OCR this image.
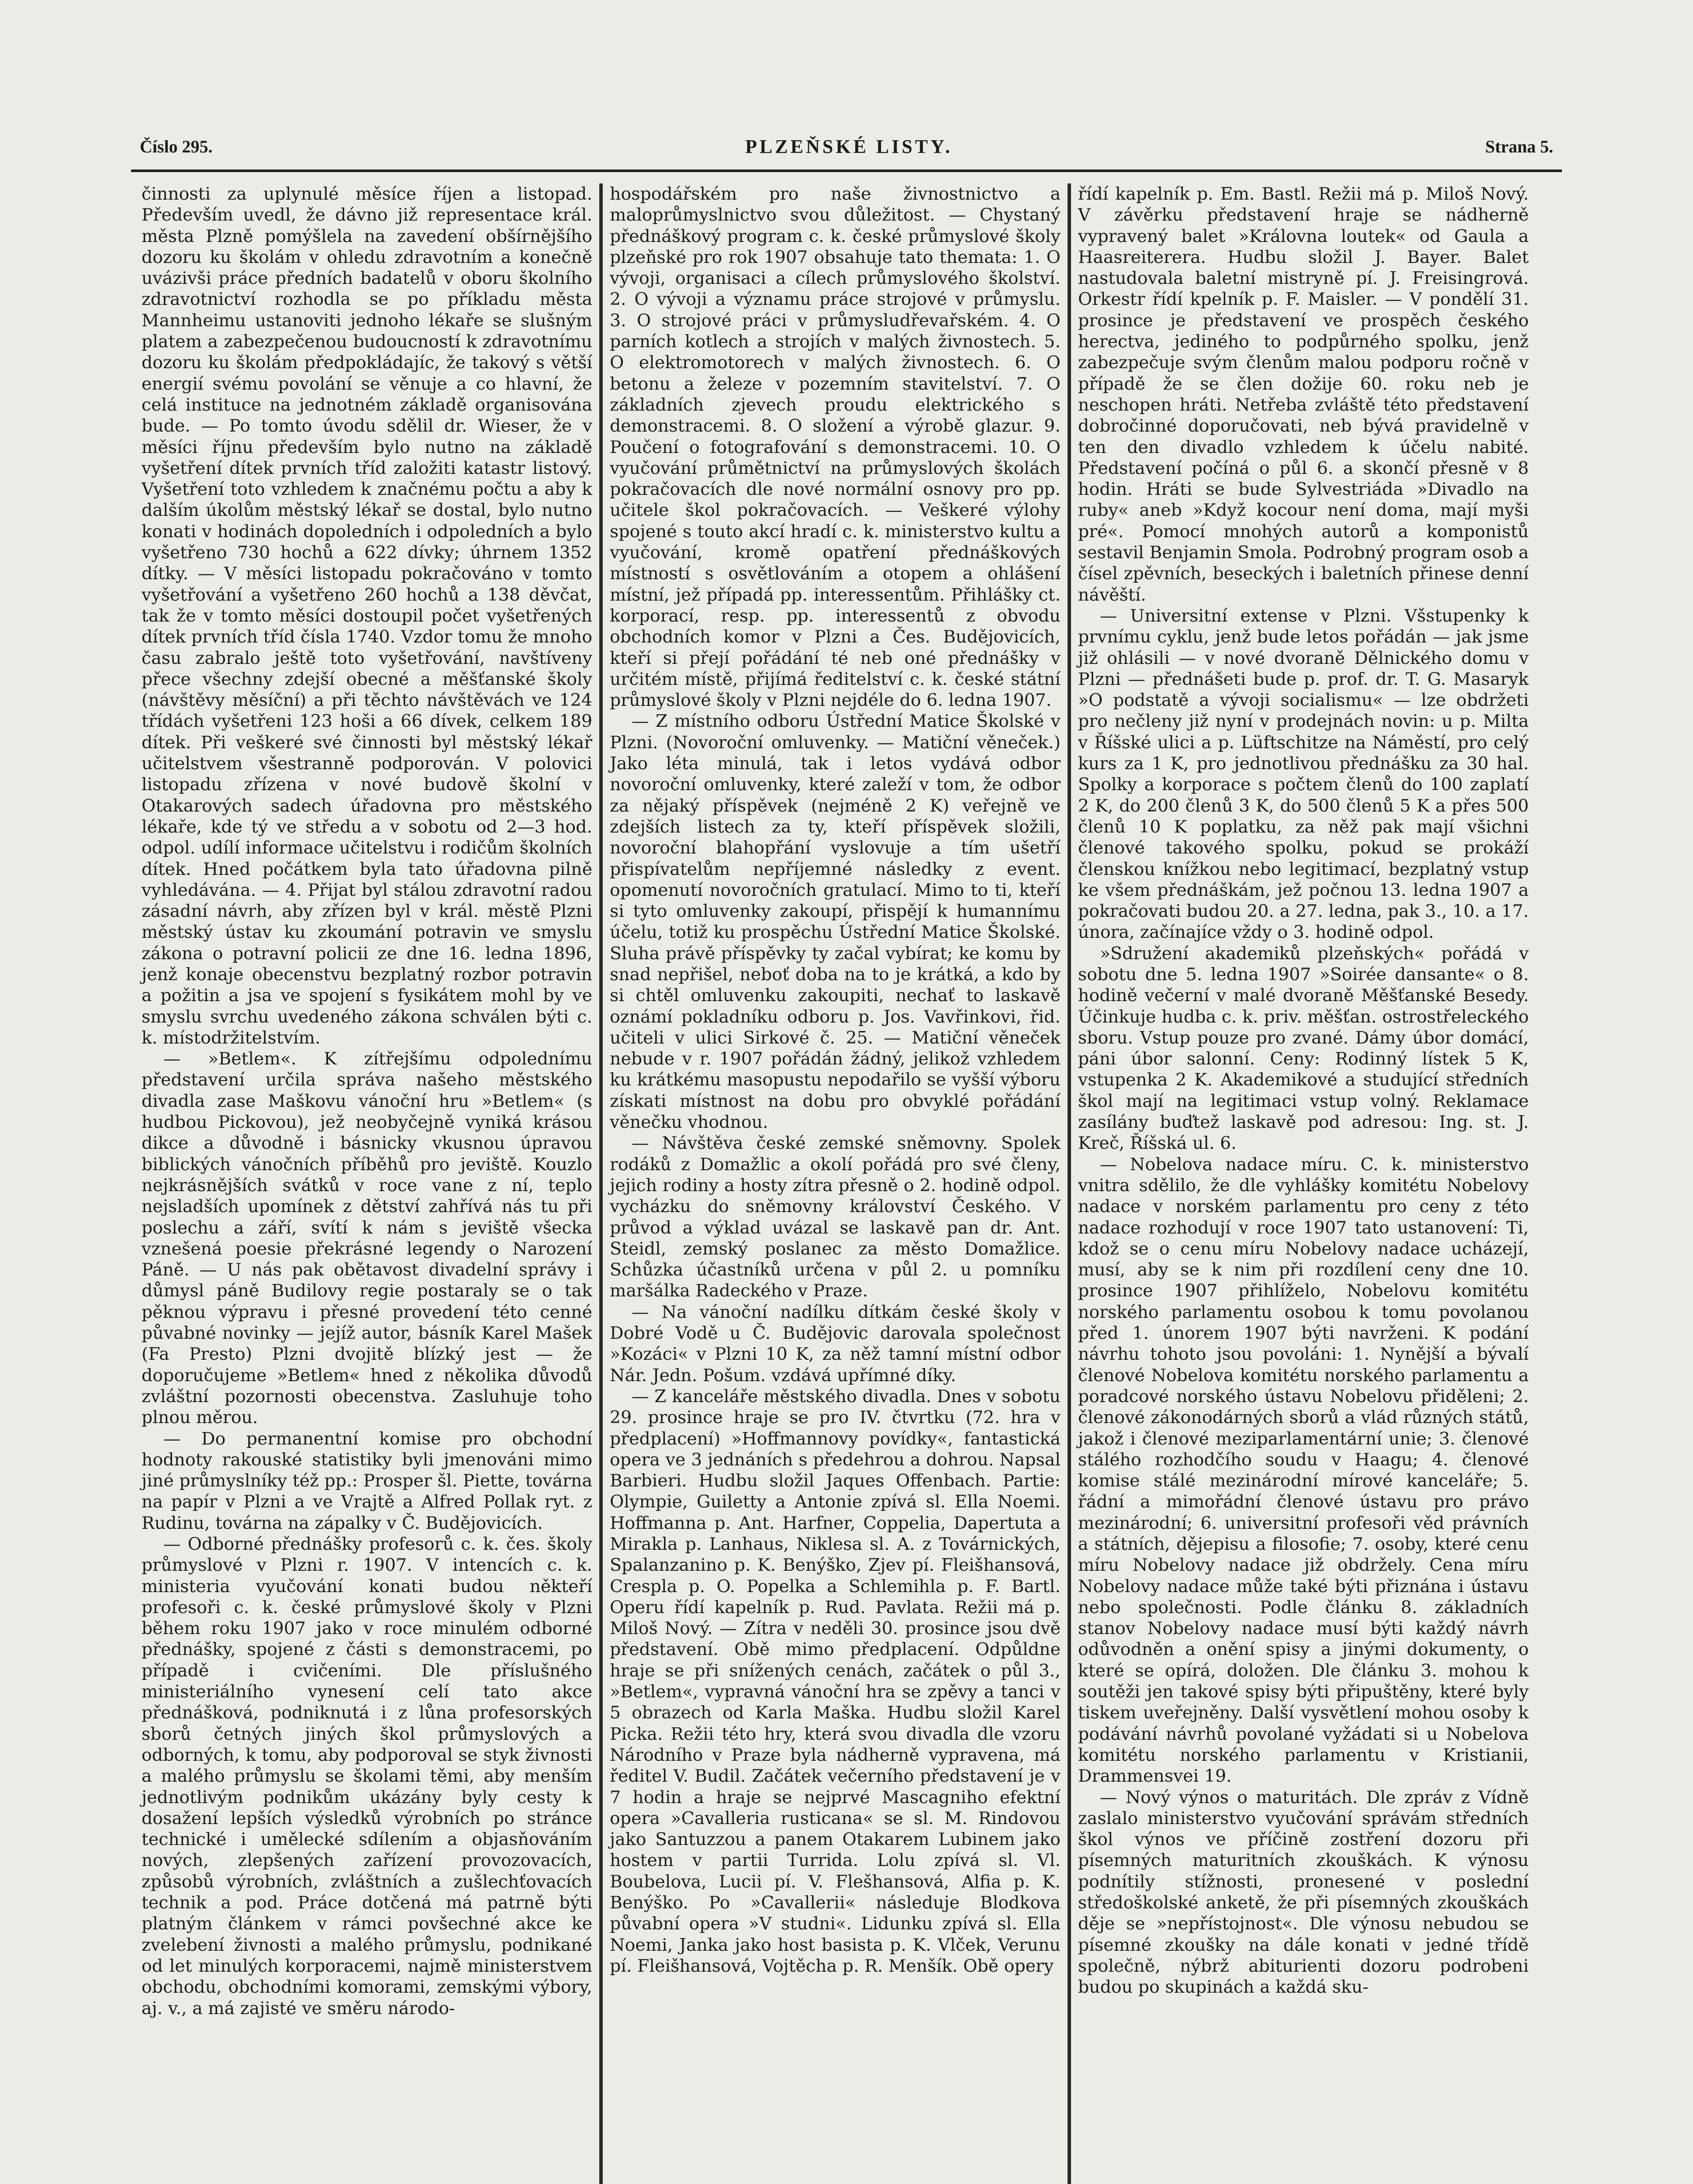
Číslo 295.	PLZEŇSKÉ LISTY.	Strana 5.

činnosti za uplynulé měsíce říjen a listopad. Především uvedl, že dávno již representace král. města Plzně pomýšlela na zavedení obšírnějšího dozoru ku školám v ohledu zdravotním a konečně uvázivši práce předních badatelů v oboru školního zdravotnictví rozhodla se po příkladu města Mannheimu ustanoviti jednoho lékaře se slušným platem a zabezpečenou budoucností k zdravotnímu dozoru ku školám předpokládajíc, že takový s větší energií svému povolání se věnuje a co hlavní, že celá instituce na jednotném základě organisována bude. — Po tomto úvodu sdělil dr. Wieser, že v měsíci říjnu především bylo nutno na základě vyšetření dítek prvních tříd založiti katastr listový. Vyšetření toto vzhledem k značnému počtu a aby k dalším úkolům městský lékař se dostal, bylo nutno konati v hodinách dopoledních i odpoledních a bylo vyšetřeno 730 hochů a 622 dívky; úhrnem 1352 dítky. — V měsíci listopadu pokračováno v tomto vyšetřování a vyšetřeno 260 hochů a 138 děvčat, tak že v tomto měsíci dostoupil počet vyšetřených dítek prvních tříd čísla 1740. Vzdor tomu že mnoho času zabralo ještě toto vyšetřování, navštíveny přece všechny zdejší obecné a měšťanské školy (návštěvy měsíční) a při těchto návštěvách ve 124 třídách vyšetřeni 123 hoši a 66 dívek, celkem 189 dítek. Při veškeré své činnosti byl městský lékař učitelstvem všestranně podporován. V polovici listopadu zřízena v nové budově školní v Otakarových sadech úřadovna pro městského lékaře, kde tý ve středu a v sobotu od 2—3 hod. odpol. udílí informace učitelstvu i rodičům školních dítek. Hned počátkem byla tato úřadovna pilně vyhledávána. — 4. Přijat byl stálou zdravotní radou zásadní návrh, aby zřízen byl v král. městě Plzni městský ústav ku zkoumání potravin ve smyslu zákona o potravní policii ze dne 16. ledna 1896, jenž konaje obecenstvu bezplatný rozbor potravin a požitin a jsa ve spojení s fysikátem mohl by ve smyslu svrchu uvedeného zákona schválen býti c. k. místodržitelstvím.

— »Betlem«. K zítřejšímu odpolednímu představení určila správa našeho městského divadla zase Maškovu vánoční hru »Betlem« (s hudbou Pickovou), jež neobyčejně vyniká krásou dikce a důvodně i básnicky vkusnou úpravou biblických vánočních příběhů pro jeviště. Kouzlo nejkrásnějších svátků v roce vane z ní, teplo nejsladších upomínek z dětství zahřívá nás tu při poslechu a září, svítí k nám s jeviště všecka vznešená poesie překrásné legendy o Narození Páně. — U nás pak obětavost divadelní správy i důmysl páně Budilovy regie postaraly se o tak pěknou výpravu i přesné provedení této cenné půvabné novinky — jejíž autor, básník Karel Mašek (Fa Presto) Plzni dvojitě blízký jest — že doporučujeme »Betlem« hned z několika důvodů zvláštní pozornosti obecenstva. Zasluhuje toho plnou měrou.

— Do permanentní komise pro obchodní hodnoty rakouské statistiky byli jmenováni mimo jiné průmyslníky též pp.: Prosper šl. Piette, továrna na papír v Plzni a ve Vrajtě a Alfred Pollak ryt. z Rudinu, továrna na zápalky v Č. Budějovicích.

— Odborné přednášky profesorů c. k. čes. školy průmyslové v Plzni r. 1907. V intencích c. k. ministeria vyučování konati budou někteří profesoři c. k. české průmyslové školy v Plzni během roku 1907 jako v roce minulém odborné přednášky, spojené z části s demonstracemi, po případě i cvičeními. Dle příslušného ministeriálního vynesení celí tato akce přednášková, podniknutá i z lůna profesorských sborů četných jiných škol průmyslových a odborných, k tomu, aby podporoval se styk živnosti a malého průmyslu se školami těmi, aby menším jednotlivým podnikům ukázány byly cesty k dosažení lepších výsledků výrobních po stránce technické i umělecké sdílením a objasňováním nových, zlepšených zařízení provozovacích, způsobů výrobních, zvláštních a zušlechťovacích technik a pod. Práce dotčená má patrně býti platným článkem v rámci povšechné akce ke zvelebení živnosti a malého průmyslu, podnikané od let minulých korporacemi, najmě ministerstvem obchodu, obchodními komorami, zemskými výbory, aj. v., a má zajisté ve směru národo-

hospodářském pro naše živnostnictvo a maloprůmyslnictvo svou důležitost. — Chystaný přednáškový program c. k. české průmyslové školy plzeňské pro rok 1907 obsahuje tato themata: 1. O vývoji, organisaci a cílech průmyslového školství. 2. O vývoji a významu práce strojové v průmyslu. 3. O strojové práci v průmysludřevařském. 4. O parních kotlech a strojích v malých živnostech. 5. O elektromotorech v malých živnostech. 6. O betonu a železe v pozemním stavitelství. 7. O základních zjevech proudu elektrického s demonstracemi. 8. O složení a výrobě glazur. 9. Poučení o fotografování s demonstracemi. 10. O vyučování průmětnictví na průmyslových školách pokračovacích dle nové normální osnovy pro pp. učitele škol pokračovacích. — Veškeré výlohy spojené s touto akcí hradí c. k. ministerstvo kultu a vyučování, kromě opatření přednáškových místností s osvětlováním a otopem a ohlášení místní, jež případá pp. interessentům. Přihlášky ct. korporací, resp. pp. interessentů z obvodu obchodních komor v Plzni a Čes. Budějovicích, kteří si přejí pořádání té neb oné přednášky v určitém místě, přijímá ředitelství c. k. české státní průmyslové školy v Plzni nejdéle do 6. ledna 1907.

— Z místního odboru Ústřední Matice Školské v Plzni. (Novoroční omluvenky. — Matiční věneček.) Jako léta minulá, tak i letos vydává odbor novoroční omluvenky, které zaleží v tom, že odbor za nějaký příspěvek (nejméně 2 K) veřejně ve zdejších listech za ty, kteří příspěvek složili, novoroční blahopřání vyslovuje a tím ušetří přispívatelům nepříjemné následky z event. opomenutí novoročních gratulací. Mimo to ti, kteří si tyto omluvenky zakoupí, přispějí k humannímu účelu, totiž ku prospěchu Ústřední Matice Školské. Sluha právě příspěvky ty začal vybírat; ke komu by snad nepřišel, neboť doba na to je krátká, a kdo by si chtěl omluvenku zakoupiti, nechať to laskavě oznámí pokladníku odboru p. Jos. Vavřinkovi, řid. učiteli v ulici Sirkové č. 25. — Matiční věneček nebude v r. 1907 pořádán žádný, jelikož vzhledem ku krátkému masopustu nepodařilo se vyšší výboru získati místnost na dobu pro obvyklé pořádání věnečku vhodnou.

— Návštěva české zemské sněmovny. Spolek rodáků z Domažlic a okolí pořádá pro své členy, jejich rodiny a hosty zítra přesně o 2. hodině odpol. vycházku do sněmovny království Českého. V průvod a výklad uvázal se laskavě pan dr. Ant. Steidl, zemský poslanec za město Domažlice. Schůzka účastníků určena v půl 2. u pomníku maršálka Radeckého v Praze.

— Na vánoční nadílku dítkám české školy v Dobré Vodě u Č. Budějovic darovala společnost »Kozáci« v Plzni 10 K, za něž tamní místní odbor Nár. Jedn. Pošum. vzdává upřímné díky.

— Z kanceláře městského divadla. Dnes v sobotu 29. prosince hraje se pro IV. čtvrtku (72. hra v předplacení) »Hoffmannovy povídky«, fantastická opera ve 3 jednáních s předehrou a dohrou. Napsal Barbieri. Hudbu složil Jaques Offenbach. Partie: Olympie, Guiletty a Antonie zpívá sl. Ella Noemi. Hoffmanna p. Ant. Harfner, Coppelia, Dapertuta a Mirakla p. Lanhaus, Niklesa sl. A. z Továrnických, Spalanzanino p. K. Benýško, Zjev pí. Fleišhansová, Crespla p. O. Popelka a Schlemihla p. F. Bartl. Operu řídí kapelník p. Rud. Pavlata. Režii má p. Miloš Nový. — Zítra v neděli 30. prosince jsou dvě představení. Obě mimo předplacení. Odpůldne hraje se při snížených cenách, začátek o půl 3., »Betlem«, vypravná vánoční hra se zpěvy a tanci v 5 obrazech od Karla Maška. Hudbu složil Karel Picka. Režii této hry, která svou divadla dle vzoru Národního v Praze byla nádherně vypravena, má ředitel V. Budil. Začátek večerního představení je v 7 hodin a hraje se nejprvé Mascagniho efektní opera »Cavalleria rusticana« se sl. M. Rindovou jako Santuzzou a panem Otakarem Lubinem jako hostem v partii Turrida. Lolu zpívá sl. Vl. Boubelova, Lucii pí. V. Flešhansová, Alfia p. K. Benýško. Po »Cavallerii« následuje Blodkova půvabní opera »V studni«. Lidunku zpívá sl. Ella Noemi, Janka jako host basista p. K. Vlček, Verunu pí. Fleišhansová, Vojtěcha p. R. Menšík. Obě opery

řídí kapelník p. Em. Bastl. Režii má p. Miloš Nový. V závěrku představení hraje se nádherně vypravený balet »Královna loutek« od Gaula a Haasreiterera. Hudbu složil J. Bayer. Balet nastudovala baletní mistryně pí. J. Freisingrová. Orkestr řídí kpelník p. F. Maisler. — V pondělí 31. prosince je představení ve prospěch českého herectva, jediného to podpůrného spolku, jenž zabezpečuje svým členům malou podporu ročně v případě že se člen dožije 60. roku neb je neschopen hráti. Netřeba zvláště této představení dobročinné doporučovati, neb bývá pravidelně v ten den divadlo vzhledem k účelu nabité. Představení počíná o půl 6. a skončí přesně v 8 hodin. Hráti se bude Sylvestriáda »Divadlo na ruby« aneb »Když kocour není doma, mají myši pré«. Pomocí mnohých autorů a komponistů sestavil Benjamin Smola. Podrobný program osob a čísel zpěvních, beseckých i baletních přinese denní návěští.

— Universitní extense v Plzni. Všstupenky k prvnímu cyklu, jenž bude letos pořádán — jak jsme již ohlásili — v nové dvoraně Dělnického domu v Plzni — přednášeti bude p. prof. dr. T. G. Masaryk »O podstatě a vývoji socialismu« — lze obdržeti pro nečleny již nyní v prodejnách novin: u p. Milta v Říšské ulici a p. Lüftschitze na Náměstí, pro celý kurs za 1 K, pro jednotlivou přednášku za 30 hal. Spolky a korporace s počtem členů do 100 zaplatí 2 K, do 200 členů 3 K, do 500 členů 5 K a přes 500 členů 10 K poplatku, za něž pak mají všichni členové takového spolku, pokud se prokáží členskou knížkou nebo legitimací, bezplatný vstup ke všem přednáškám, jež počnou 13. ledna 1907 a pokračovati budou 20. a 27. ledna, pak 3., 10. a 17. února, začínajíce vždy o 3. hodině odpol.

»Sdružení akademiků plzeňských« pořádá v sobotu dne 5. ledna 1907 »Soirée dansante« o 8. hodině večerní v malé dvoraně Měšťanské Besedy. Účinkuje hudba c. k. priv. měšťan. ostrostřeleckého sboru. Vstup pouze pro zvané. Dámy úbor domácí, páni úbor salonní. Ceny: Rodinný lístek 5 K, vstupenka 2 K. Akademikové a studující středních škol mají na legitimaci vstup volný. Reklamace zasílány buďtež laskavě pod adresou: Ing. st. J. Kreč, Říšská ul. 6.

— Nobelova nadace míru. C. k. ministerstvo vnitra sdělilo, že dle vyhlášky komitétu Nobelovy nadace v norském parlamentu pro ceny z této nadace rozhodují v roce 1907 tato ustanovení: Ti, kdož se o cenu míru Nobelovy nadace ucházejí, musí, aby se k nim při rozdílení ceny dne 10. prosince 1907 přihlíželo, Nobelovu komitétu norského parlamentu osobou k tomu povolanou před 1. únorem 1907 býti navrženi. K podání návrhu tohoto jsou povoláni: 1. Nynější a bývalí členové Nobelova komitétu norského parlamentu a poradcové norského ústavu Nobelovu přiděleni; 2. členové zákonodárných sborů a vlád různých států, jakož i členové meziparlamentární unie; 3. členové stálého rozhodčího soudu v Haagu; 4. členové komise stálé mezinárodní mírové kanceláře; 5. řádní a mimořádní členové ústavu pro právo mezinárodní; 6. universitní profesoři věd právních a státních, dějepisu a filosofie; 7. osoby, které cenu míru Nobelovy nadace již obdržely. Cena míru Nobelovy nadace může také býti přiznána i ústavu nebo společnosti. Podle článku 8. základních stanov Nobelovy nadace musí býti každý návrh odůvodněn a onění spisy a jinými dokumenty, o které se opírá, doložen. Dle článku 3. mohou k soutěži jen takové spisy býti připuštěny, které byly tiskem uveřejněny. Další vysvětlení mohou osoby k podávání návrhů povolané vyžádati si u Nobelova komitétu norského parlamentu v Kristianii, Drammensvei 19.

— Nový výnos o maturitách. Dle zpráv z Vídně zaslalo ministerstvo vyučování správám středních škol výnos ve příčině zostření dozoru při písemných maturitních zkouškách. K výnosu podnítily stížnosti, pronesené v poslední středoškolské anketě, že při písemných zkouškách děje se »nepřístojnost«. Dle výnosu nebudou se písemné zkoušky na dále konati v jedné třídě společně, nýbrž abiturienti dozoru podrobeni budou po skupinách a každá sku-
